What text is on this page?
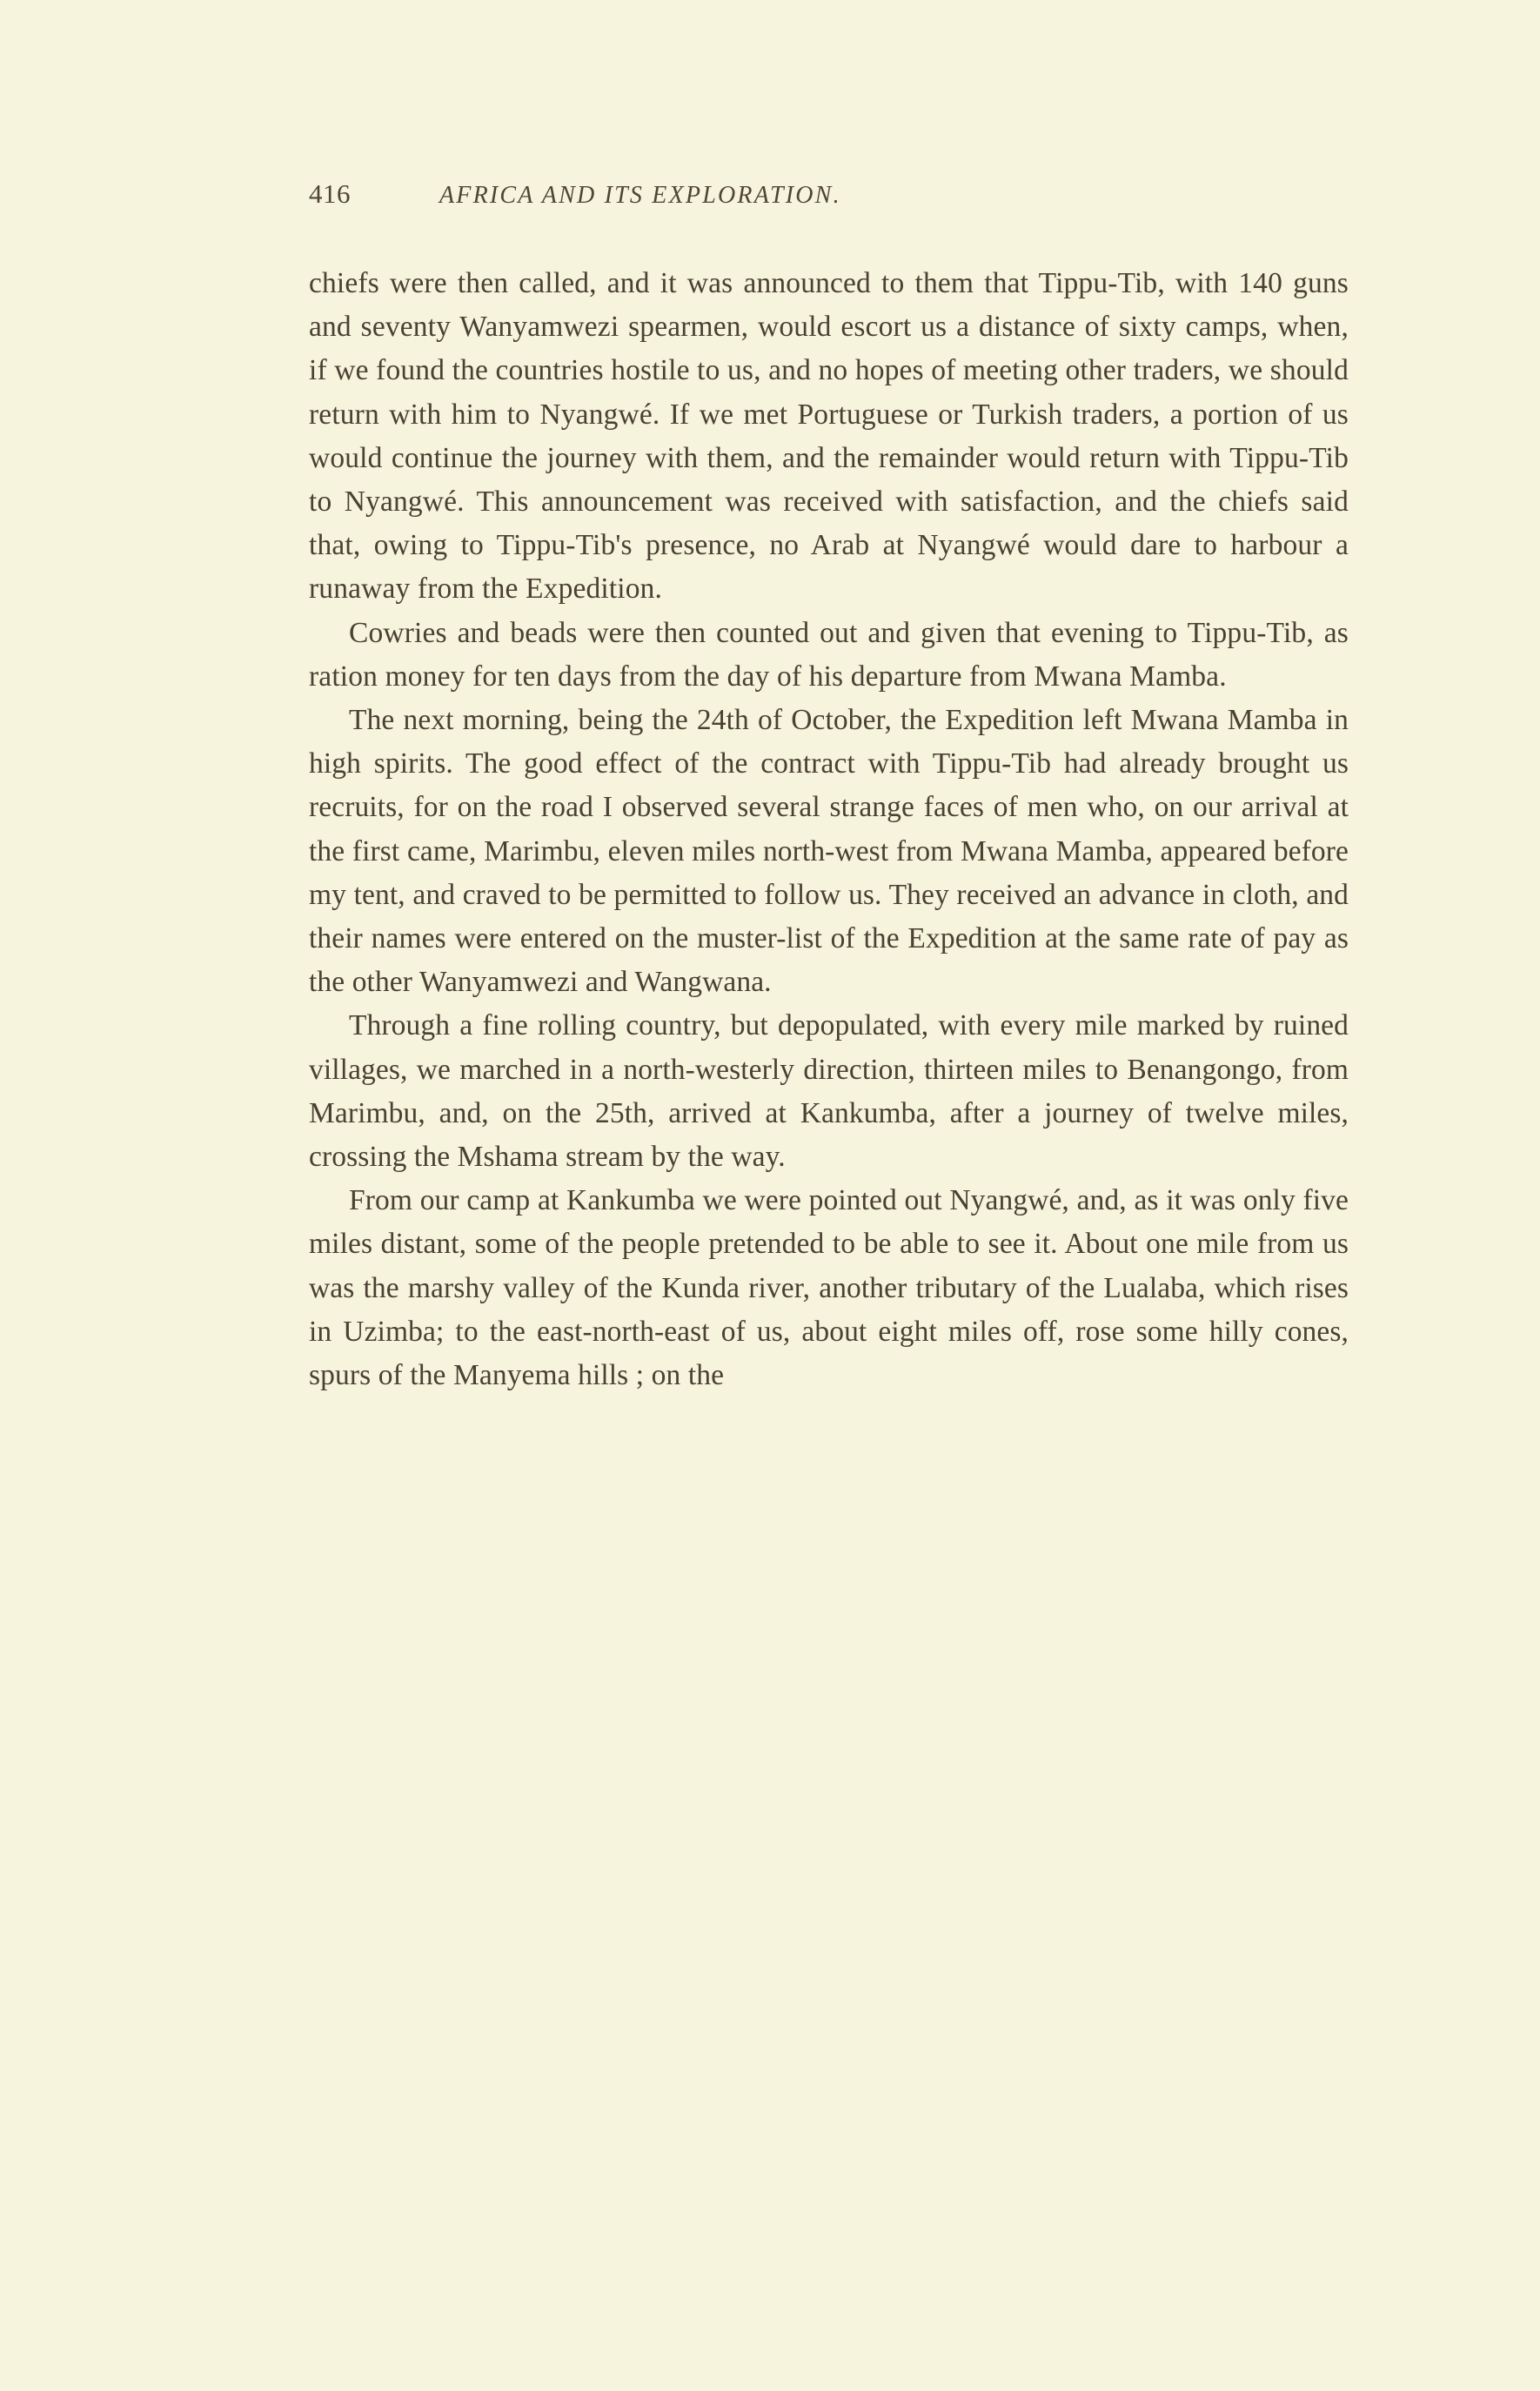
416	AFRICA AND ITS EXPLORATION.

chiefs were then called, and it was announced to them that Tippu-Tib, with 140 guns and seventy Wanyamwezi spearmen, would escort us a distance of sixty camps, when, if we found the countries hostile to us, and no hopes of meeting other traders, we should return with him to Nyangwé. If we met Portuguese or Turkish traders, a portion of us would continue the journey with them, and the remainder would return with Tippu-Tib to Nyangwé. This announcement was received with satisfaction, and the chiefs said that, owing to Tippu-Tib's presence, no Arab at Nyangwé would dare to harbour a runaway from the Expedition.

Cowries and beads were then counted out and given that evening to Tippu-Tib, as ration money for ten days from the day of his departure from Mwana Mamba.

The next morning, being the 24th of October, the Expedition left Mwana Mamba in high spirits. The good effect of the contract with Tippu-Tib had already brought us recruits, for on the road I observed several strange faces of men who, on our arrival at the first came, Marimbu, eleven miles north-west from Mwana Mamba, appeared before my tent, and craved to be permitted to follow us. They received an advance in cloth, and their names were entered on the muster-list of the Expedition at the same rate of pay as the other Wanyamwezi and Wangwana.

Through a fine rolling country, but depopulated, with every mile marked by ruined villages, we marched in a north-westerly direction, thirteen miles to Benangongo, from Marimbu, and, on the 25th, arrived at Kankumba, after a journey of twelve miles, crossing the Mshama stream by the way.

From our camp at Kankumba we were pointed out Nyangwé, and, as it was only five miles distant, some of the people pretended to be able to see it. About one mile from us was the marshy valley of the Kunda river, another tributary of the Lualaba, which rises in Uzimba; to the east-north-east of us, about eight miles off, rose some hilly cones, spurs of the Manyema hills ; on the
